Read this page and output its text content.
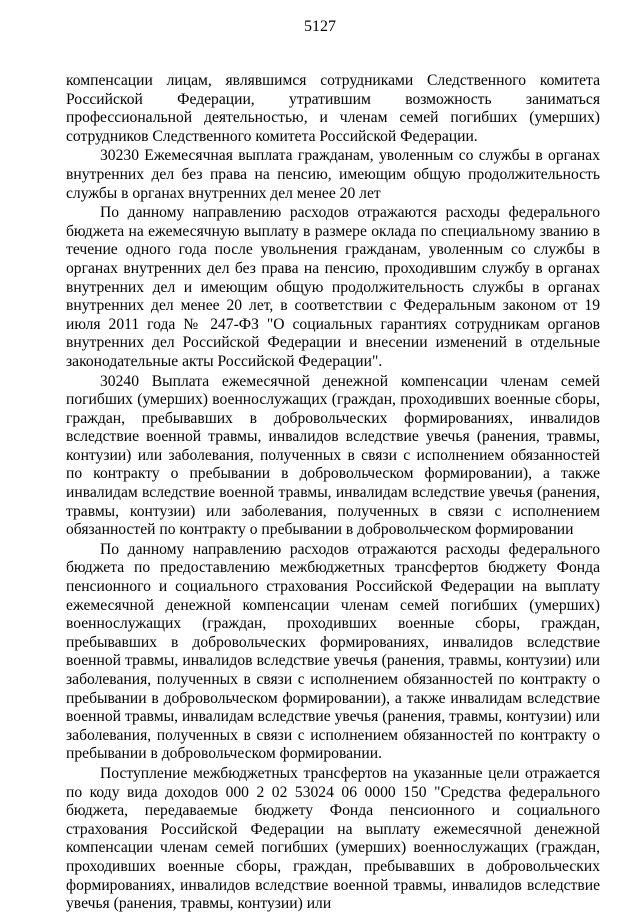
5127

компенсации лицам, являвшимся сотрудниками Следственного комитета Российской Федерации, утратившим возможность заниматься профессиональной деятельностью, и членам семей погибших (умерших) сотрудников Следственного комитета Российской Федерации.

30230 Ежемесячная выплата гражданам, уволенным со службы в органах внутренних дел без права на пенсию, имеющим общую продолжительность службы в органах внутренних дел менее 20 лет

По данному направлению расходов отражаются расходы федерального бюджета на ежемесячную выплату в размере оклада по специальному званию в течение одного года после увольнения гражданам, уволенным со службы в органах внутренних дел без права на пенсию, проходившим службу в органах внутренних дел и имеющим общую продолжительность службы в органах внутренних дел менее 20 лет, в соответствии с Федеральным законом от 19 июля 2011 года № 247-ФЗ "О социальных гарантиях сотрудникам органов внутренних дел Российской Федерации и внесении изменений в отдельные законодательные акты Российской Федерации".

30240 Выплата ежемесячной денежной компенсации членам семей погибших (умерших) военнослужащих (граждан, проходивших военные сборы, граждан, пребывавших в добровольческих формированиях, инвалидов вследствие военной травмы, инвалидов вследствие увечья (ранения, травмы, контузии) или заболевания, полученных в связи с исполнением обязанностей по контракту о пребывании в добровольческом формировании), а также инвалидам вследствие военной травмы, инвалидам вследствие увечья (ранения, травмы, контузии) или заболевания, полученных в связи с исполнением обязанностей по контракту о пребывании в добровольческом формировании

По данному направлению расходов отражаются расходы федерального бюджета по предоставлению межбюджетных трансфертов бюджету Фонда пенсионного и социального страхования Российской Федерации на выплату ежемесячной денежной компенсации членам семей погибших (умерших) военнослужащих (граждан, проходивших военные сборы, граждан, пребывавших в добровольческих формированиях, инвалидов вследствие военной травмы, инвалидов вследствие увечья (ранения, травмы, контузии) или заболевания, полученных в связи с исполнением обязанностей по контракту о пребывании в добровольческом формировании), а также инвалидам вследствие военной травмы, инвалидам вследствие увечья (ранения, травмы, контузии) или заболевания, полученных в связи с исполнением обязанностей по контракту о пребывании в добровольческом формировании.

Поступление межбюджетных трансфертов на указанные цели отражается по коду вида доходов 000 2 02 53024 06 0000 150 "Средства федерального бюджета, передаваемые бюджету Фонда пенсионного и социального страхования Российской Федерации на выплату ежемесячной денежной компенсации членам семей погибших (умерших) военнослужащих (граждан, проходивших военные сборы, граждан, пребывавших в добровольческих формированиях, инвалидов вследствие военной травмы, инвалидов вследствие увечья (ранения, травмы, контузии) или
